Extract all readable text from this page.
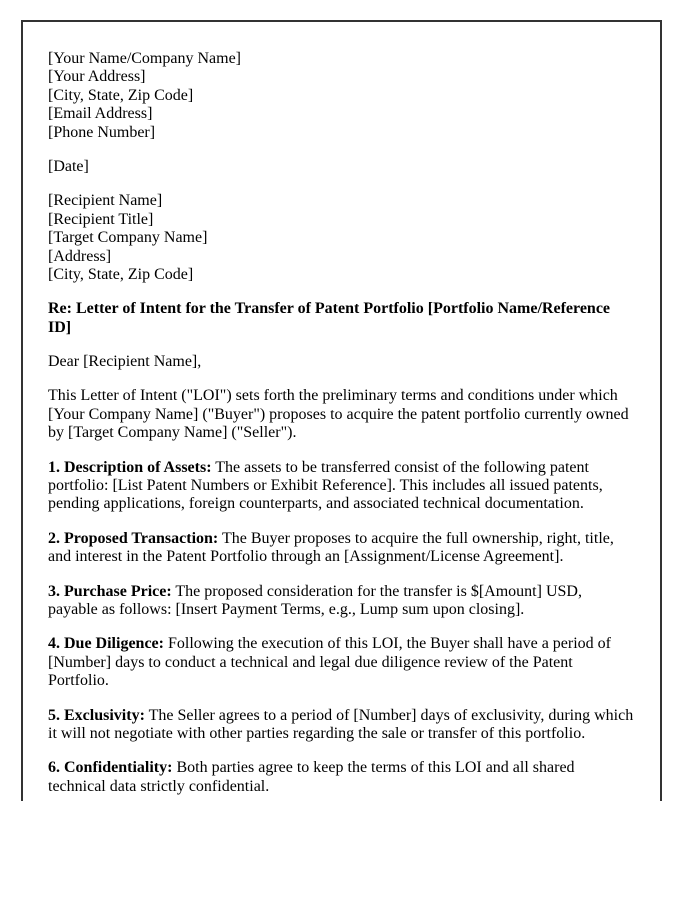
[Your Name/Company Name]
[Your Address]
[City, State, Zip Code]
[Email Address]
[Phone Number]

[Date]

[Recipient Name]
[Recipient Title]
[Target Company Name]
[Address]
[City, State, Zip Code]

Re: Letter of Intent for the Transfer of Patent Portfolio [Portfolio Name/Reference ID]

Dear [Recipient Name],

This Letter of Intent ("LOI") sets forth the preliminary terms and conditions under which [Your Company Name] ("Buyer") proposes to acquire the patent portfolio currently owned by [Target Company Name] ("Seller").

1. Description of Assets: The assets to be transferred consist of the following patent portfolio: [List Patent Numbers or Exhibit Reference]. This includes all issued patents, pending applications, foreign counterparts, and associated technical documentation.

2. Proposed Transaction: The Buyer proposes to acquire the full ownership, right, title, and interest in the Patent Portfolio through an [Assignment/License Agreement].

3. Purchase Price: The proposed consideration for the transfer is $[Amount] USD, payable as follows: [Insert Payment Terms, e.g., Lump sum upon closing].

4. Due Diligence: Following the execution of this LOI, the Buyer shall have a period of [Number] days to conduct a technical and legal due diligence review of the Patent Portfolio.

5. Exclusivity: The Seller agrees to a period of [Number] days of exclusivity, during which it will not negotiate with other parties regarding the sale or transfer of this portfolio.

6. Confidentiality: Both parties agree to keep the terms of this LOI and all shared technical data strictly confidential.
